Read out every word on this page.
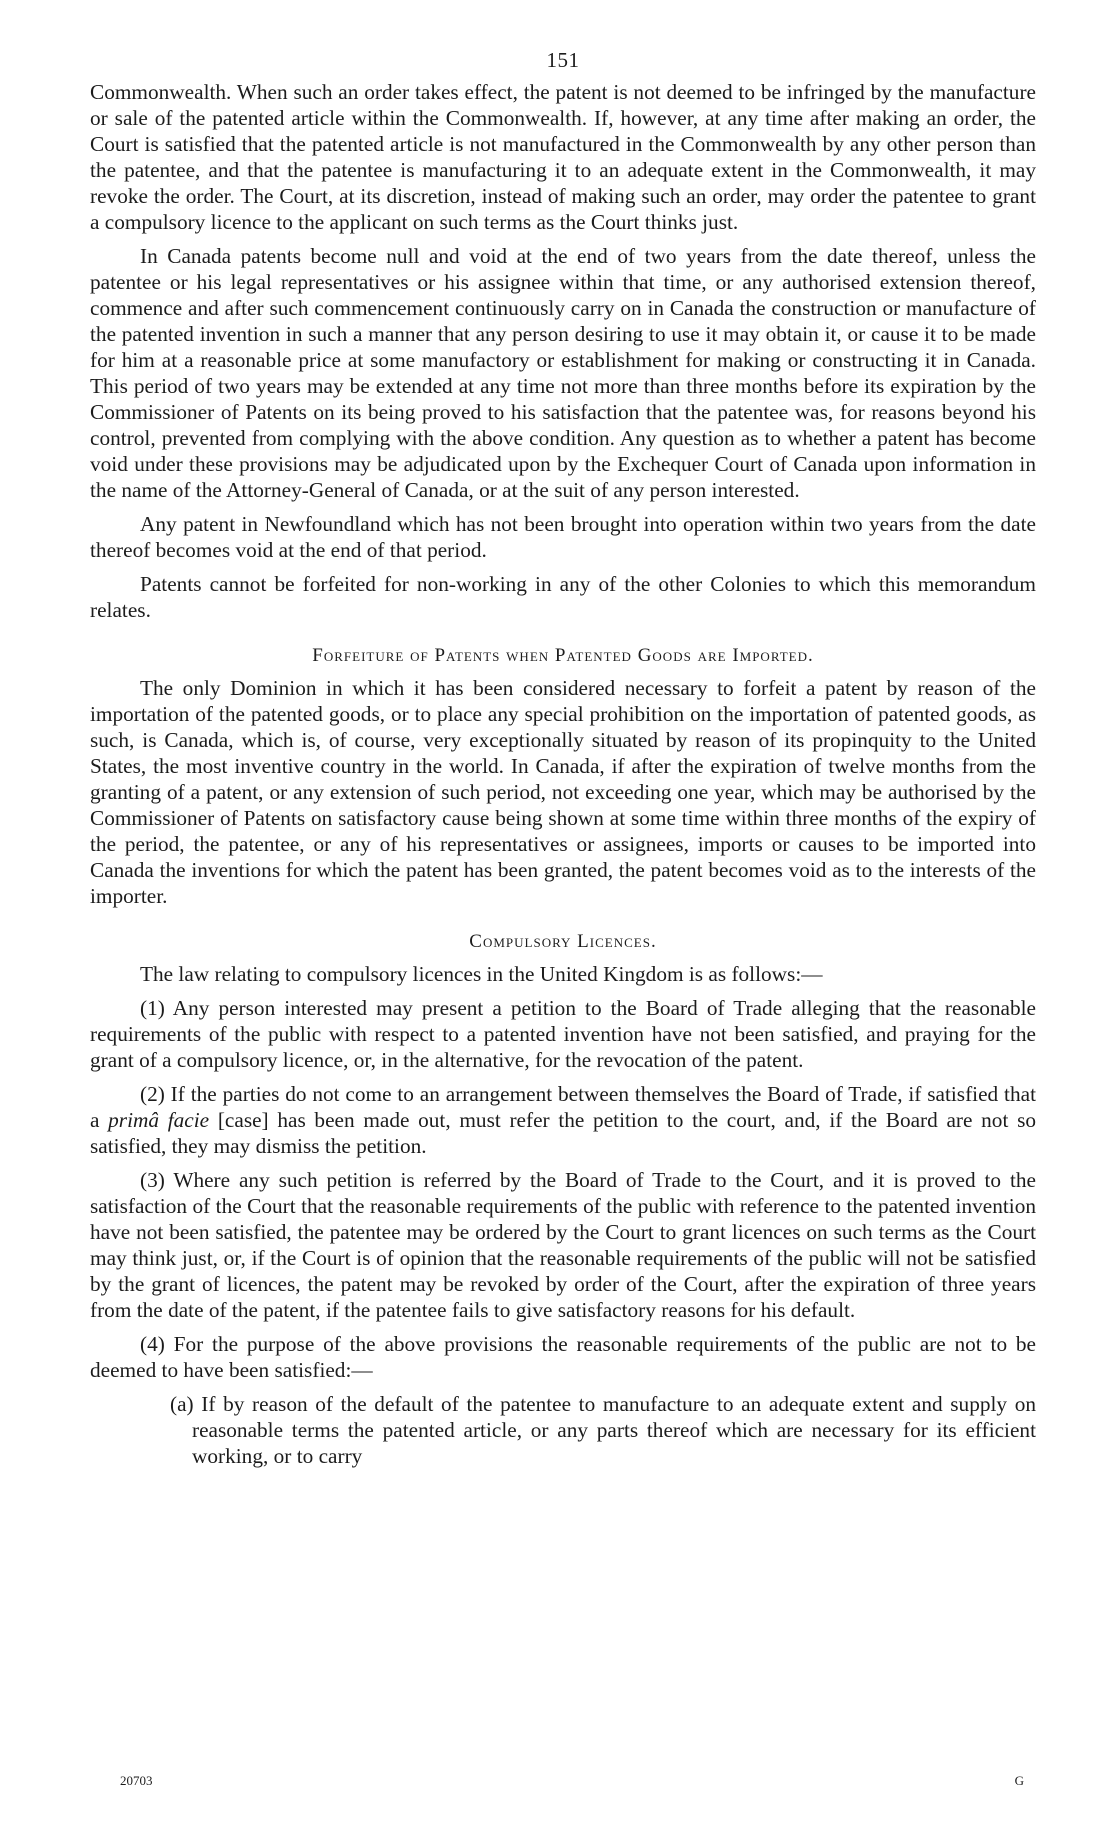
151

Commonwealth. When such an order takes effect, the patent is not deemed to be infringed by the manufacture or sale of the patented article within the Commonwealth. If, however, at any time after making an order, the Court is satisfied that the patented article is not manufactured in the Commonwealth by any other person than the patentee, and that the patentee is manufacturing it to an adequate extent in the Commonwealth, it may revoke the order. The Court, at its discretion, instead of making such an order, may order the patentee to grant a compulsory licence to the applicant on such terms as the Court thinks just.

In Canada patents become null and void at the end of two years from the date thereof, unless the patentee or his legal representatives or his assignee within that time, or any authorised extension thereof, commence and after such commencement continuously carry on in Canada the construction or manufacture of the patented invention in such a manner that any person desiring to use it may obtain it, or cause it to be made for him at a reasonable price at some manufactory or establishment for making or constructing it in Canada. This period of two years may be extended at any time not more than three months before its expiration by the Commissioner of Patents on its being proved to his satisfaction that the patentee was, for reasons beyond his control, prevented from complying with the above condition. Any question as to whether a patent has become void under these provisions may be adjudicated upon by the Exchequer Court of Canada upon information in the name of the Attorney-General of Canada, or at the suit of any person interested.

Any patent in Newfoundland which has not been brought into operation within two years from the date thereof becomes void at the end of that period.

Patents cannot be forfeited for non-working in any of the other Colonies to which this memorandum relates.

Forfeiture of Patents when Patented Goods are Imported.

The only Dominion in which it has been considered necessary to forfeit a patent by reason of the importation of the patented goods, or to place any special prohibition on the importation of patented goods, as such, is Canada, which is, of course, very exceptionally situated by reason of its propinquity to the United States, the most inventive country in the world. In Canada, if after the expiration of twelve months from the granting of a patent, or any extension of such period, not exceeding one year, which may be authorised by the Commissioner of Patents on satisfactory cause being shown at some time within three months of the expiry of the period, the patentee, or any of his representatives or assignees, imports or causes to be imported into Canada the inventions for which the patent has been granted, the patent becomes void as to the interests of the importer.

Compulsory Licences.

The law relating to compulsory licences in the United Kingdom is as follows:—

(1) Any person interested may present a petition to the Board of Trade alleging that the reasonable requirements of the public with respect to a patented invention have not been satisfied, and praying for the grant of a compulsory licence, or, in the alternative, for the revocation of the patent.

(2) If the parties do not come to an arrangement between themselves the Board of Trade, if satisfied that a primâ facie [case] has been made out, must refer the petition to the court, and, if the Board are not so satisfied, they may dismiss the petition.

(3) Where any such petition is referred by the Board of Trade to the Court, and it is proved to the satisfaction of the Court that the reasonable requirements of the public with reference to the patented invention have not been satisfied, the patentee may be ordered by the Court to grant licences on such terms as the Court may think just, or, if the Court is of opinion that the reasonable requirements of the public will not be satisfied by the grant of licences, the patent may be revoked by order of the Court, after the expiration of three years from the date of the patent, if the patentee fails to give satisfactory reasons for his default.

(4) For the purpose of the above provisions the reasonable requirements of the public are not to be deemed to have been satisfied:—

(a) If by reason of the default of the patentee to manufacture to an adequate extent and supply on reasonable terms the patented article, or any parts thereof which are necessary for its efficient working, or to carry

20703	G
